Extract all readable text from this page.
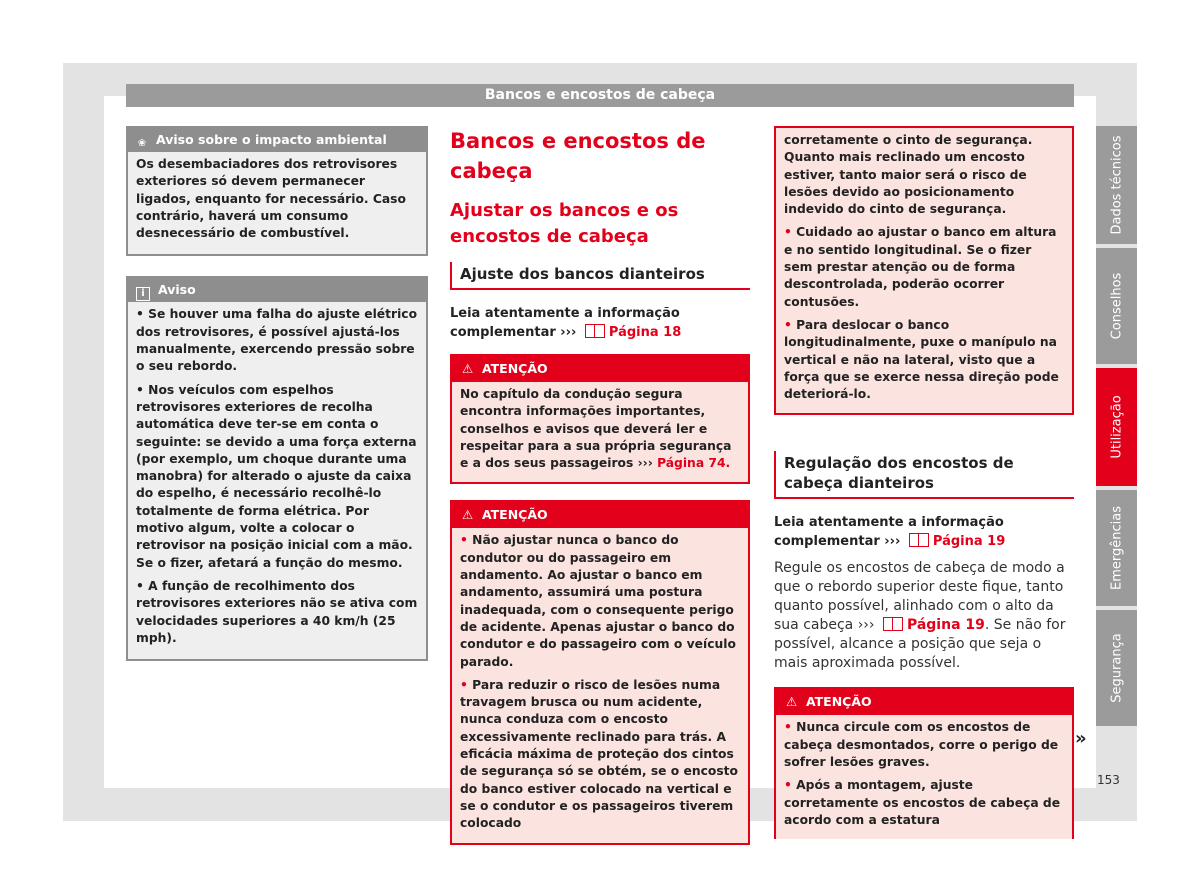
Bancos e encostos de cabeça
❀ Aviso sobre o impacto ambiental

Os desembaciadores dos retrovisores exteriores só devem permanecer ligados, enquanto for necessário. Caso contrário, haverá um consumo desnecessário de combustível.

i Aviso

• Se houver uma falha do ajuste elétrico dos retrovisores, é possível ajustá-los manualmente, exercendo pressão sobre o seu rebordo.

• Nos veículos com espelhos retrovisores exteriores de recolha automática deve ter-se em conta o seguinte: se devido a uma força externa (por exemplo, um choque durante uma manobra) for alterado o ajuste da caixa do espelho, é necessário recolhê-lo totalmente de forma elétrica. Por motivo algum, volte a colocar o retrovisor na posição inicial com a mão. Se o fizer, afetará a função do mesmo.

• A função de recolhimento dos retrovisores exteriores não se ativa com velocidades superiores a 40 km/h (25 mph).

Bancos e encostos de cabeça

Ajustar os bancos e os encostos de cabeça

Ajuste dos bancos dianteiros
Leia atentamente a informação complementar ››› Página 18
⚠ ATENÇÃO

No capítulo da condução segura encontra informações importantes, conselhos e avisos que deverá ler e respeitar para a sua própria segurança e a dos seus passageiros ››› Página 74.

⚠ ATENÇÃO

• Não ajustar nunca o banco do condutor ou do passageiro em andamento. Ao ajustar o banco em andamento, assumirá uma postura inadequada, com o consequente perigo de acidente. Apenas ajustar o banco do condutor e do passageiro com o veículo parado.

• Para reduzir o risco de lesões numa travagem brusca ou num acidente, nunca conduza com o encosto excessivamente reclinado para trás. A eficácia máxima de proteção dos cintos de segurança só se obtém, se o encosto do banco estiver colocado na vertical e se o condutor e os passageiros tiverem colocado

corretamente o cinto de segurança. Quanto mais reclinado um encosto estiver, tanto maior será o risco de lesões devido ao posicionamento indevido do cinto de segurança.

• Cuidado ao ajustar o banco em altura e no sentido longitudinal. Se o fizer sem prestar atenção ou de forma descontrolada, poderão ocorrer contusões.

• Para deslocar o banco longitudinalmente, puxe o manípulo na vertical e não na lateral, visto que a força que se exerce nessa direção pode deteriorá-lo.

Regulação dos encostos de cabeça dianteiros
Leia atentamente a informação complementar ››› Página 19
Regule os encostos de cabeça de modo a que o rebordo superior deste fique, tanto quanto possível, alinhado com o alto da sua cabeça ››› Página 19. Se não for possível, alcance a posição que seja o mais aproximada possível.
⚠ ATENÇÃO

• Nunca circule com os encostos de cabeça desmontados, corre o perigo de sofrer lesões graves.

• Após a montagem, ajuste corretamente os encostos de cabeça de acordo com a estatura

»
Dados técnicos
Conselhos
Utilização
Emergências
Segurança
153
